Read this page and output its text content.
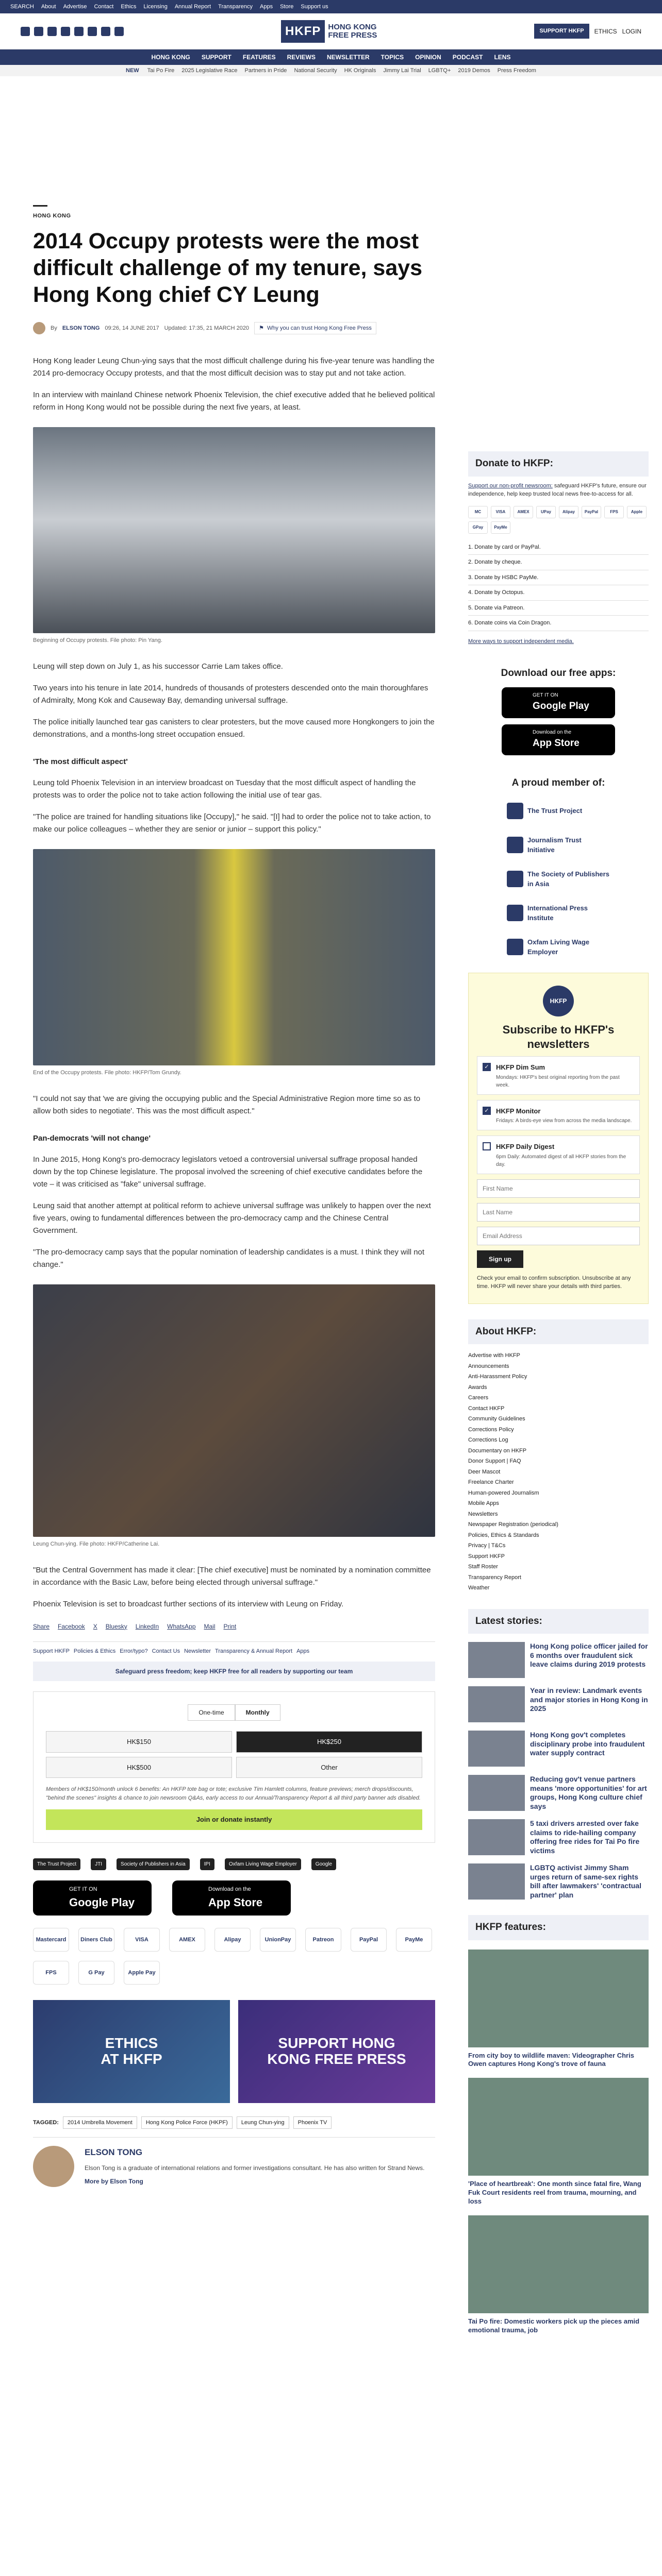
SEARCH About Advertise Contact Ethics Licensing Annual Report Transparency Apps Store Support us
HKFP HONG KONG
FREE PRESS	SUPPORT HKFP	ETHICS LOGIN
HONG KONG SUPPORT FEATURES REVIEWS NEWSLETTER TOPICS OPINION PODCAST LENS
NEW Tai Po Fire 2025 Legislative Race Partners in Pride National Security HK Originals Jimmy Lai Trial LGBTQ+ 2019 Demos Press Freedom
HONG KONG
2014 Occupy protests were the most difficult challenge of my tenure, says Hong Kong chief CY Leung
By ELSON TONG 09:26, 14 JUNE 2017 Updated: 17:35, 21 MARCH 2020 ⚑ Why you can trust Hong Kong Free Press

Hong Kong leader Leung Chun-ying says that the most difficult challenge during his five-year tenure was handling the 2014 pro-democracy Occupy protests, and that the most difficult decision was to stay put and not take action.

In an interview with mainland Chinese network Phoenix Television, the chief executive added that he believed political reform in Hong Kong would not be possible during the next five years, at least.

Beginning of Occupy protests. File photo: Pin Yang.

Leung will step down on July 1, as his successor Carrie Lam takes office.

Two years into his tenure in late 2014, hundreds of thousands of protesters descended onto the main thoroughfares of Admiralty, Mong Kok and Causeway Bay, demanding universal suffrage.

The police initially launched tear gas canisters to clear protesters, but the move caused more Hongkongers to join the demonstrations, and a months-long street occupation ensued.

'The most difficult aspect'

Leung told Phoenix Television in an interview broadcast on Tuesday that the most difficult aspect of handling the protests was to order the police not to take action following the initial use of tear gas.

"The police are trained for handling situations like [Occupy]," he said. "[I] had to order the police not to take action, to make our police colleagues – whether they are senior or junior – support this policy."

End of the Occupy protests. File photo: HKFP/Tom Grundy.

"I could not say that 'we are giving the occupying public and the Special Administrative Region more time so as to allow both sides to negotiate'. This was the most difficult aspect."

Pan-democrats 'will not change'

In June 2015, Hong Kong's pro-democracy legislators vetoed a controversial universal suffrage proposal handed down by the top Chinese legislature. The proposal involved the screening of chief executive candidates before the vote – it was criticised as "fake" universal suffrage.

Leung said that another attempt at political reform to achieve universal suffrage was unlikely to happen over the next five years, owing to fundamental differences between the pro-democracy camp and the Chinese Central Government.

"The pro-democracy camp says that the popular nomination of leadership candidates is a must. I think they will not change."

Leung Chun-ying. File photo: HKFP/Catherine Lai.

"But the Central Government has made it clear: [The chief executive] must be nominated by a nomination committee in accordance with the Basic Law, before being elected through universal suffrage."

Phoenix Television is set to broadcast further sections of its interview with Leung on Friday.

Share Facebook X Bluesky LinkedIn WhatsApp Mail Print
Support HKFP Policies & Ethics Error/typo? Contact Us Newsletter Transparency & Annual Report Apps
Safeguard press freedom; keep HKFP free for all readers by supporting our team
One-time	Monthly
HK$150	HK$250
HK$500	Other
Members of HK$150/month unlock 6 benefits: An HKFP tote bag or tote; exclusive Tim Hamlett columns, feature previews; merch drops/discounts, "behind the scenes" insights & chance to join newsroom Q&As, early access to our Annual/Transparency Report & all third party banner ads disabled.
Join or donate instantly
The Trust Project	JTI	Society of Publishers in Asia	IPI	Oxfam Living Wage Employer	Google
GET IT ON
Google Play
Download on the
App Store
Mastercard	Diners Club	VISA	AMEX	Alipay	UnionPay	Patreon	PayPal	PayMe
FPS	G Pay	Apple Pay
ETHICS
AT HKFP
SUPPORT HONG
KONG FREE PRESS
TAGGED:	2014 Umbrella Movement	Hong Kong Police Force (HKPF)	Leung Chun-ying	Phoenix TV
ELSON TONG
Elson Tong is a graduate of international relations and former investigations consultant. He has also written for Strand News.
More by Elson Tong
Donate to HKFP:
Support our non-profit newsroom: safeguard HKFP's future, ensure our independence, help keep trusted local news free-to-access for all.
MC	VISA	AMEX	UPay	Alipay	PayPal	FPS	Apple
GPay	PayMe
1. Donate by card or PayPal.
2. Donate by cheque.
3. Donate by HSBC PayMe.
4. Donate by Octopus.
5. Donate via Patreon.
6. Donate coins via Coin Dragon.
More ways to support independent media.
Download our free apps:
GET IT ON
Google Play
Download on the
App Store
A proud member of:
The Trust Project
Journalism Trust Initiative
The Society of Publishers in Asia
International Press Institute
Oxfam Living Wage Employer
HKFP
Subscribe to HKFP's newsletters
✓ HKFP Dim Sum
Mondays: HKFP's best original reporting from the past week.
✓ HKFP Monitor
Fridays: A birds-eye view from across the media landscape.
HKFP Daily Digest
6pm Daily: Automated digest of all HKFP stories from the day.
First Name
Last Name
Email Address
Sign up
Check your email to confirm subscription. Unsubscribe at any time. HKFP will never share your details with third parties.
About HKFP:
Advertise with HKFP
Announcements
Anti-Harassment Policy
Awards
Careers
Contact HKFP
Community Guidelines
Corrections Policy
Corrections Log
Documentary on HKFP
Donor Support | FAQ
Deer Mascot
Freelance Charter
Human-powered Journalism
Mobile Apps
Newsletters
Newspaper Registration (periodical)
Policies, Ethics & Standards
Privacy | T&Cs
Support HKFP
Staff Roster
Transparency Report
Weather
Latest stories:
Hong Kong police officer jailed for 6 months over fraudulent sick leave claims during 2019 protests
Year in review: Landmark events and major stories in Hong Kong in 2025
Hong Kong gov't completes disciplinary probe into fraudulent water supply contract
Reducing gov't venue partners means 'more opportunities' for art groups, Hong Kong culture chief says
5 taxi drivers arrested over fake claims to ride-hailing company offering free rides for Tai Po fire victims
LGBTQ activist Jimmy Sham urges return of same-sex rights bill after lawmakers' 'contractual partner' plan
HKFP features:
From city boy to wildlife maven: Videographer Chris Owen captures Hong Kong's trove of fauna
'Place of heartbreak': One month since fatal fire, Wang Fuk Court residents reel from trauma, mourning, and loss
Tai Po fire: Domestic workers pick up the pieces amid emotional trauma, job
